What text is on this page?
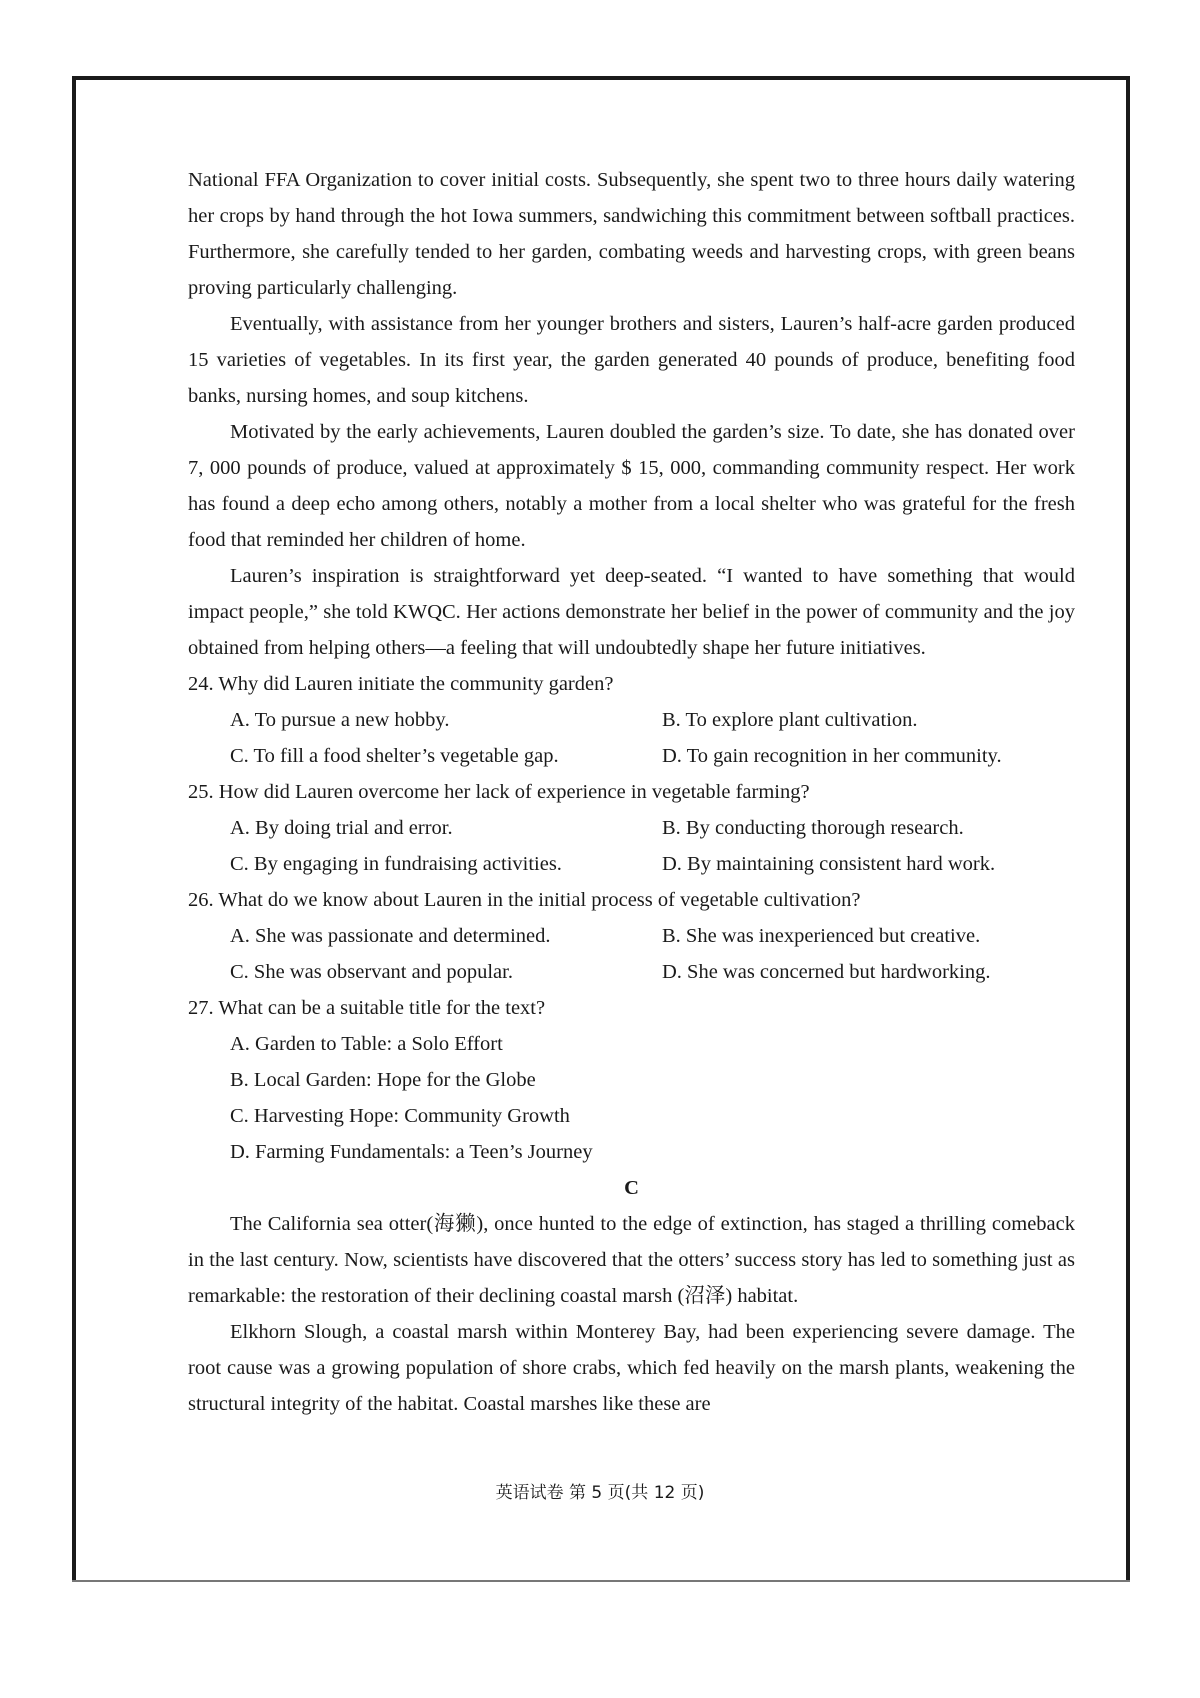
National FFA Organization to cover initial costs. Subsequently, she spent two to three hours daily watering her crops by hand through the hot Iowa summers, sandwiching this commitment between softball practices. Furthermore, she carefully tended to her garden, combating weeds and harvesting crops, with green beans proving particularly challenging.

Eventually, with assistance from her younger brothers and sisters, Lauren’s half-acre garden produced 15 varieties of vegetables. In its first year, the garden generated 40 pounds of produce, benefiting food banks, nursing homes, and soup kitchens.

Motivated by the early achievements, Lauren doubled the garden’s size. To date, she has donated over 7, 000 pounds of produce, valued at approximately $ 15, 000, commanding community respect. Her work has found a deep echo among others, notably a mother from a local shelter who was grateful for the fresh food that reminded her children of home.

Lauren’s inspiration is straightforward yet deep-seated. “I wanted to have something that would impact people,” she told KWQC. Her actions demonstrate her belief in the power of community and the joy obtained from helping others—a feeling that will undoubtedly shape her future initiatives.

24. Why did Lauren initiate the community garden?

A. To pursue a new hobby.	B. To explore plant cultivation.
C. To fill a food shelter’s vegetable gap.	D. To gain recognition in her community.

25. How did Lauren overcome her lack of experience in vegetable farming?

A. By doing trial and error.	B. By conducting thorough research.
C. By engaging in fundraising activities.	D. By maintaining consistent hard work.

26. What do we know about Lauren in the initial process of vegetable cultivation?

A. She was passionate and determined.	B. She was inexperienced but creative.
C. She was observant and popular.	D. She was concerned but hardworking.

27. What can be a suitable title for the text?

A. Garden to Table: a Solo Effort
B. Local Garden: Hope for the Globe
C. Harvesting Hope: Community Growth
D. Farming Fundamentals: a Teen’s Journey

C

The California sea otter(海獭), once hunted to the edge of extinction, has staged a thrilling comeback in the last century. Now, scientists have discovered that the otters’ success story has led to something just as remarkable: the restoration of their declining coastal marsh (沼泽) habitat.

Elkhorn Slough, a coastal marsh within Monterey Bay, had been experiencing severe damage. The root cause was a growing population of shore crabs, which fed heavily on the marsh plants, weakening the structural integrity of the habitat. Coastal marshes like these are

英语试卷 第 5 页(共 12 页)
